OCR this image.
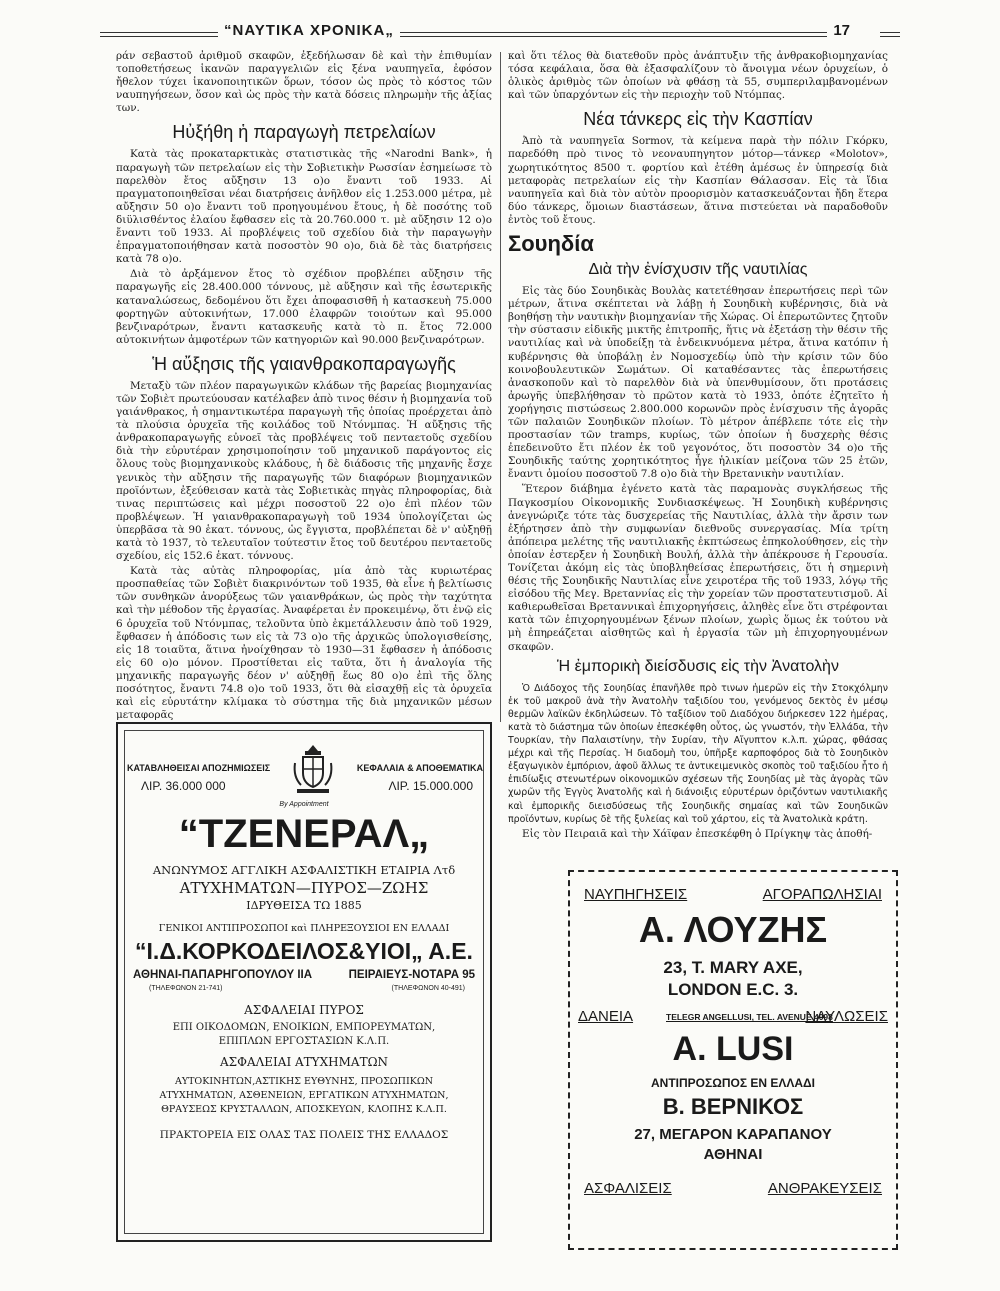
“ΝΑΥΤΙΚΑ ΧΡΟΝΙΚΑ„	17

ράν σεβαστοῦ ἀριθμοῦ σκαφῶν, ἐξεδήλωσαν δὲ καὶ τὴν ἐπιθυμίαν τοποθετήσεως ἱκανῶν παραγγελιῶν εἰς ξένα ναυπηγεῖα, ἐφόσον ἤθελον τύχει ἱκανοποιητικῶν ὅρων, τόσον ὡς πρὸς τὸ κόστος τῶν ναυπηγήσεων, ὅσον καὶ ὡς πρὸς τὴν κατὰ δόσεις πληρωμὴν τῆς ἀξίας των.

Ηὐξήθη ἡ παραγωγὴ πετρελαίων

Κατὰ τὰς προκαταρκτικὰς στατιστικὰς τῆς «Narodni Bank», ἡ παραγωγὴ τῶν πετρελαίων εἰς τὴν Σοβιετικὴν Ρωσσίαν ἐσημείωσε τὸ παρελθὸν ἔτος αὔξησιν 13 ο)ο ἔναντι τοῦ 1933. Αἱ πραγματοποιηθεῖσαι νέαι διατρήσεις ἀνῆλθον εἰς 1.253.000 μέτρα, μὲ αὔξησιν 50 ο)ο ἔναντι τοῦ προηγουμένου ἔτους, ἡ δὲ ποσότης τοῦ διϋλισθέντος ἐλαίου ἔφθασεν εἰς τὰ 20.760.000 τ. μὲ αὔξησιν 12 ο)ο ἔναντι τοῦ 1933. Αἱ προβλέψεις τοῦ σχεδίου διὰ τὴν παραγωγὴν ἐπραγματοποιήθησαν κατὰ ποσοστὸν 90 ο)ο, διὰ δὲ τὰς διατρήσεις κατὰ 78 ο)ο.

Διὰ τὸ ἀρξάμενον ἔτος τὸ σχέδιον προβλέπει αὔξησιν τῆς παραγωγῆς εἰς 28.400.000 τόννους, μὲ αὔξησιν καὶ τῆς ἐσωτερικῆς καταναλώσεως, δεδομένου ὅτι ἔχει ἀποφασισθῆ ἡ κατασκευὴ 75.000 φορτηγῶν αὐτοκινήτων, 17.000 ἐλαφρῶν τοιούτων καὶ 95.000 βενζιναρότρων, ἔναντι κατασκευῆς κατὰ τὸ π. ἔτος 72.000 αὐτοκινήτων ἀμφοτέρων τῶν κατηγοριῶν καὶ 90.000 βενζιναρότρων.

Ἡ αὔξησις τῆς γαιανθρακοπαραγωγῆς

Μεταξὺ τῶν πλέον παραγωγικῶν κλάδων τῆς βαρείας βιομηχανίας τῶν Σοβιὲτ πρωτεύουσαν κατέλαβεν ἀπὸ τινος θέσιν ἡ βιομηχανία τοῦ γαιάνθρακος, ἡ σημαντικωτέρα παραγωγὴ τῆς ὁποίας προέρχεται ἀπὸ τὰ πλούσια ὀρυχεῖα τῆς κοιλάδος τοῦ Ντόνμπας. Ἡ αὔξησις τῆς ἀνθρακοπαραγωγῆς εὐνοεῖ τὰς προβλέψεις τοῦ πενταετοῦς σχεδίου διὰ τὴν εὐρυτέραν χρησιμοποίησιν τοῦ μηχανικοῦ παράγοντος εἰς ὅλους τοὺς βιομηχανικοὺς κλάδους, ἡ δὲ διάδοσις τῆς μηχανῆς ἔσχε γενικὸς τὴν αὔξησιν τῆς παραγωγῆς τῶν διαφόρων βιομηχανικῶν προϊόντων, ἐξεύθεισαν κατὰ τὰς Σοβιετικὰς πηγὰς πληροφορίας, διὰ τινας περιπτώσεις καὶ μέχρι ποσοστοῦ 22 ο)ο ἐπὶ πλέον τῶν προβλέψεων. Ἡ γαιανθρακοπαραγωγὴ τοῦ 1934 ὑπολογίζεται ὡς ὑπερβᾶσα τὰ 90 ἑκατ. τόννους, ὡς ἔγγιστα, προβλέπεται δὲ ν' αὐξηθῇ κατὰ τὸ 1937, τὸ τελευταῖον τούτεστιν ἔτος τοῦ δευτέρου πενταετοῦς σχεδίου, εἰς 152.6 ἑκατ. τόννους.

Κατὰ τὰς αὐτὰς πληροφορίας, μία ἀπὸ τὰς κυριωτέρας προσπαθείας τῶν Σοβιὲτ διακρινόντων τοῦ 1935, θὰ εἶνε ἡ βελτίωσις τῶν συνθηκῶν ἀνορύξεως τῶν γαιανθράκων, ὡς πρὸς τὴν ταχύτητα καὶ τὴν μέθοδον τῆς ἐργασίας. Ἀναφέρεται ἐν προκειμένῳ, ὅτι ἐνῷ εἰς 6 ὀρυχεῖα τοῦ Ντόνμπας, τελοῦντα ὑπὸ ἐκμετάλλευσιν ἀπὸ τοῦ 1929, ἔφθασεν ἡ ἀπόδοσις των εἰς τὰ 73 ο)ο τῆς ἀρχικῶς ὑπολογισθείσης, εἰς 18 τοιαῦτα, ἅτινα ἠνοίχθησαν τὸ 1930—31 ἔφθασεν ἡ ἀπόδοσις εἰς 60 ο)ο μόνον. Προστίθεται εἰς ταῦτα, ὅτι ἡ ἀναλογία τῆς μηχανικῆς παραγωγῆς δέον ν' αὐξηθῇ ἕως 80 ο)ο ἐπὶ τῆς ὅλης ποσότητος, ἔναντι 74.8 ο)ο τοῦ 1933, ὅτι θὰ εἰσαχθῇ εἰς τὰ ὀρυχεῖα καὶ εἰς εὐρυτάτην κλίμακα τὸ σύστημα τῆς διὰ μηχανικῶν μέσων μεταφορᾶς

καὶ ὅτι τέλος θὰ διατεθοῦν πρὸς ἀνάπτυξιν τῆς ἀνθρακοβιομηχανίας τόσα κεφάλαια, ὅσα θὰ ἐξασφαλίζουν τὸ ἄνοιγμα νέων ὀρυχείων, ὁ ὁλικὸς ἀριθμὸς τῶν ὁποίων νὰ φθάσῃ τὰ 55, συμπεριλαμβανομένων καὶ τῶν ὑπαρχόντων εἰς τὴν περιοχὴν τοῦ Ντόμπας.

Νέα τάνκερς εἰς τὴν Κασπίαν

Ἀπὸ τὰ ναυπηγεῖα Sormov, τὰ κείμενα παρὰ τὴν πόλιν Γκόρκυ, παρεδόθη πρὸ τινος τὸ νεοναυπηγητον μότορ—τάνκερ «Molotov», χωρητικότητος 8500 τ. φορτίου καὶ ἐτέθη ἀμέσως ἐν ὑπηρεσίᾳ διὰ μεταφορὰς πετρελαίων εἰς τὴν Κασπίαν Θάλασσαν. Εἰς τὰ ἴδια ναυπηγεῖα καὶ διὰ τὸν αὐτὸν προορισμὸν κατασκευάζονται ἤδη ἕτερα δύο τάνκερς, ὅμοιων διαστάσεων, ἅτινα πιστεύεται νὰ παραδοθοῦν ἐντὸς τοῦ ἔτους.

Σουηδία
Διὰ τὴν ἐνίσχυσιν τῆς ναυτιλίας

Εἰς τὰς δύο Σουηδικὰς Βουλὰς κατετέθησαν ἐπερωτήσεις περὶ τῶν μέτρων, ἅτινα σκέπτεται νὰ λάβῃ ἡ Σουηδικὴ κυβέρνησις, διὰ νὰ βοηθήσῃ τὴν ναυτικὴν βιομηχανίαν τῆς Χώρας. Οἱ ἐπερωτῶντες ζητοῦν τὴν σύστασιν εἰδικῆς μικτῆς ἐπιτροπῆς, ἥτις νὰ ἐξετάσῃ τὴν θέσιν τῆς ναυτιλίας καὶ νὰ ὑποδείξῃ τὰ ἐνδεικνυόμενα μέτρα, ἅτινα κατόπιν ἡ κυβέρνησις θὰ ὑποβάλῃ ἐν Νομοσχεδίῳ ὑπὸ τὴν κρίσιν τῶν δύο κοινοβουλευτικῶν Σωμάτων. Οἱ καταθέσαντες τὰς ἐπερωτήσεις ἀνασκοποῦν καὶ τὸ παρελθὸν διὰ νὰ ὑπενθυμίσουν, ὅτι προτάσεις ἀρωγῆς ὑπεβλήθησαν τὸ πρῶτον κατὰ τὸ 1933, ὁπότε ἐζητεῖτο ἡ χορήγησις πιστώσεως 2.800.000 κορωνῶν πρὸς ἐνίσχυσιν τῆς ἀγορᾶς τῶν παλαιῶν Σουηδικῶν πλοίων. Τὸ μέτρον ἀπέβλεπε τότε εἰς τὴν προστασίαν τῶν tramps, κυρίως, τῶν ὁποίων ἡ δυσχερὴς θέσις ἐπεδεινοῦτο ἔτι πλέον ἐκ τοῦ γεγονότος, ὅτι ποσοστὸν 34 ο)ο τῆς Σουηδικῆς ταύτης χορητικότητος ἦγε ἡλικίαν μείζονα τῶν 25 ἐτῶν, ἔναντι ὁμοίου ποσοστοῦ 7.8 ο)ο διὰ τὴν Βρετανικὴν ναυτιλίαν.

Ἕτερον διάβημα ἐγένετο κατὰ τὰς παραμονὰς συγκλήσεως τῆς Παγκοσμίου Οἰκονομικῆς Συνδιασκέψεως. Ἡ Σουηδικὴ κυβέρνησις ἀνεγνώριζε τότε τὰς δυσχερείας τῆς Ναυτιλίας, ἀλλὰ τὴν ἄρσιν των ἐξήρτησεν ἀπὸ τὴν συμφωνίαν διεθνοῦς συνεργασίας. Μία τρίτη ἀπόπειρα μελέτης τῆς ναυτιλιακῆς ἐκπτώσεως ἐπηκολούθησεν, εἰς τὴν ὁποίαν ἐστερξεν ἡ Σουηδικὴ Βουλή, ἀλλὰ τὴν ἀπέκρουσε ἡ Γερουσία. Τονίζεται ἀκόμη εἰς τὰς ὑποβληθείσας ἐπερωτήσεις, ὅτι ἡ σημερινὴ θέσις τῆς Σουηδικῆς Ναυτιλίας εἶνε χειροτέρα τῆς τοῦ 1933, λόγῳ τῆς εἰσόδου τῆς Μεγ. Βρεταννίας εἰς τὴν χορείαν τῶν προστατευτισμοῦ. Αἱ καθιερωθεῖσαι Βρεταννικαὶ ἐπιχορηγήσεις, ἀληθὲς εἶνε ὅτι στρέφονται κατὰ τῶν ἐπιχορηγουμένων ξένων πλοίων, χωρὶς ὅμως ἐκ τούτου νὰ μὴ ἐπηρεάζεται αἰσθητῶς καὶ ἡ ἐργασία τῶν μὴ ἐπιχορηγουμένων σκαφῶν.

Ἡ ἐμπορικὴ διείσδυσις εἰς τὴν Ἀνατολὴν

Ὁ Διάδοχος τῆς Σουηδίας ἐπανῆλθε πρὸ τινων ἡμερῶν εἰς τὴν Στοκχόλμην ἐκ τοῦ μακροῦ ἀνὰ τὴν Ἀνατολὴν ταξιδίου του, γενόμενος δεκτὸς ἐν μέσῳ θερμῶν λαϊκῶν ἐκδηλώσεων. Τὸ ταξίδιον τοῦ Διαδόχου διήρκεσεν 122 ἡμέρας, κατὰ τὸ διάστημα τῶν ὁποίων ἐπεσκέφθη οὗτος, ὡς γνωστόν, τὴν Ἑλλάδα, τὴν Τουρκίαν, τὴν Παλαιστίνην, τὴν Συρίαν, τὴν Αἴγυπτον κ.λ.π. χώρας, φθάσας μέχρι καὶ τῆς Περσίας. Ἡ διαδομὴ του, ὑπῆρξε καρποφόρος διὰ τὸ Σουηδικὸν ἐξαγωγικὸν ἐμπόριον, ἀφοῦ ἄλλως τε ἀντικειμενικὸς σκοπὸς τοῦ ταξιδίου ἦτο ἡ ἐπιδίωξις στενωτέρων οἰκονομικῶν σχέσεων τῆς Σουηδίας μὲ τὰς ἀγορὰς τῶν χωρῶν τῆς Ἐγγὺς Ἀνατολῆς καὶ ἡ διάνοιξις εὐρυτέρων ὁριζόντων ναυτιλιακῆς καὶ ἐμπορικῆς διεισδύσεως τῆς Σουηδικῆς σημαίας καὶ τῶν Σουηδικῶν προϊόντων, κυρίως δὲ τῆς ξυλείας καὶ τοῦ χάρτου, εἰς τὰ Ἀνατολικὰ κράτη.

Εἰς τὸν Πειραιᾶ καὶ τὴν Χάϊφαν ἐπεσκέφθη ὁ Πρίγκηψ τὰς ἀποθή-

ΚΑΤΑΒΛΗΘΕΙΣΑΙ ΑΠΟΖΗΜΙΩΣΕΙΣ
ΛΙΡ. 36.000 000
ΚΕΦΑΛΑΙΑ & ΑΠΟΘΕΜΑΤΙΚΑ
ΛΙΡ. 15.000.000
By Appointment
“ΤΖΕΝΕΡΑΛ„
ΑΝΩΝΥΜΟΣ ΑΓΓΛΙΚΗ ΑΣΦΑΛΙΣΤΙΚΗ ΕΤΑΙΡΙΑ Λτδ
ΑΤΥΧΗΜΑΤΩΝ—ΠΥΡΟΣ—ΖΩΗΣ
ΙΔΡΥΘΕΙΣΑ ΤΩ 1885
ΓΕΝΙΚΟΙ ΑΝΤΙΠΡΟΣΩΠΟΙ καὶ ΠΛΗΡΕΞΟΥΣΙΟΙ ΕΝ ΕΛΛΑΔΙ
“Ι.Δ.ΚΟΡΚΟΔΕΙΛΟΣ&ΥΙΟΙ„ Α.Ε.
ΑΘΗΝΑΙ-ΠΑΠΑΡΗΓΟΠΟΥΛΟΥ ΙΙΑ	ΠΕΙΡΑΙΕΥΣ-ΝΟΤΑΡΑ 95
(ΤΗΛΕΦΩΝΟΝ 21-741)	(ΤΗΛΕΦΩΝΟΝ 40-491)
ΑΣΦΑΛΕΙΑΙ ΠΥΡΟΣ
ΕΠΙ ΟΙΚΟΔΟΜΩΝ, ΕΝΟΙΚΙΩΝ, ΕΜΠΟΡΕΥΜΑΤΩΝ, ΕΠΙΠΛΩΝ ΕΡΓΟΣΤΑΣΙΩΝ Κ.Λ.Π.
ΑΣΦΑΛΕΙΑΙ ΑΤΥΧΗΜΑΤΩΝ
ΑΥΤΟΚΙΝΗΤΩΝ,ΑΣΤΙΚΗΣ ΕΥΘΥΝΗΣ, ΠΡΟΣΩΠΙΚΩΝ ΑΤΥΧΗΜΑΤΩΝ, ΑΣΘΕΝΕΙΩΝ, ΕΡΓΑΤΙΚΩΝ ΑΤΥΧΗΜΑΤΩΝ, ΘΡΑΥΣΕΩΣ ΚΡΥΣΤΑΛΛΩΝ, ΑΠΟΣΚΕΥΩΝ, ΚΛΟΠΗΣ Κ.Λ.Π.
ΠΡΑΚΤΟΡΕΙΑ ΕΙΣ ΟΛΑΣ ΤΑΣ ΠΟΛΕΙΣ ΤΗΣ ΕΛΛΑΔΟΣ
ΝΑΥΠΗΓΗΣΕΙΣ	ΑΓΟΡΑΠΩΛΗΣΙΑΙ
Α. ΛΟΥΖΗΣ
23, T. MARY AXE,
LONDON E.C. 3.
ΔΑΝΕΙΑ	TELEGR ANGELLUSI, TEL. AVENUE 4098
ΝΑΥΛΩΣΕΙΣ
A. LUSI
ΑΝΤΙΠΡΟΣΩΠΟΣ ΕΝ ΕΛΛΑΔΙ
Β. ΒΕΡΝΙΚΟΣ
27, ΜΕΓΑΡΟΝ ΚΑΡΑΠΑΝΟΥ
ΑΘΗΝΑΙ
ΑΣΦΑΛΙΣΕΙΣ	ΑΝΘΡΑΚΕΥΣΕΙΣ
